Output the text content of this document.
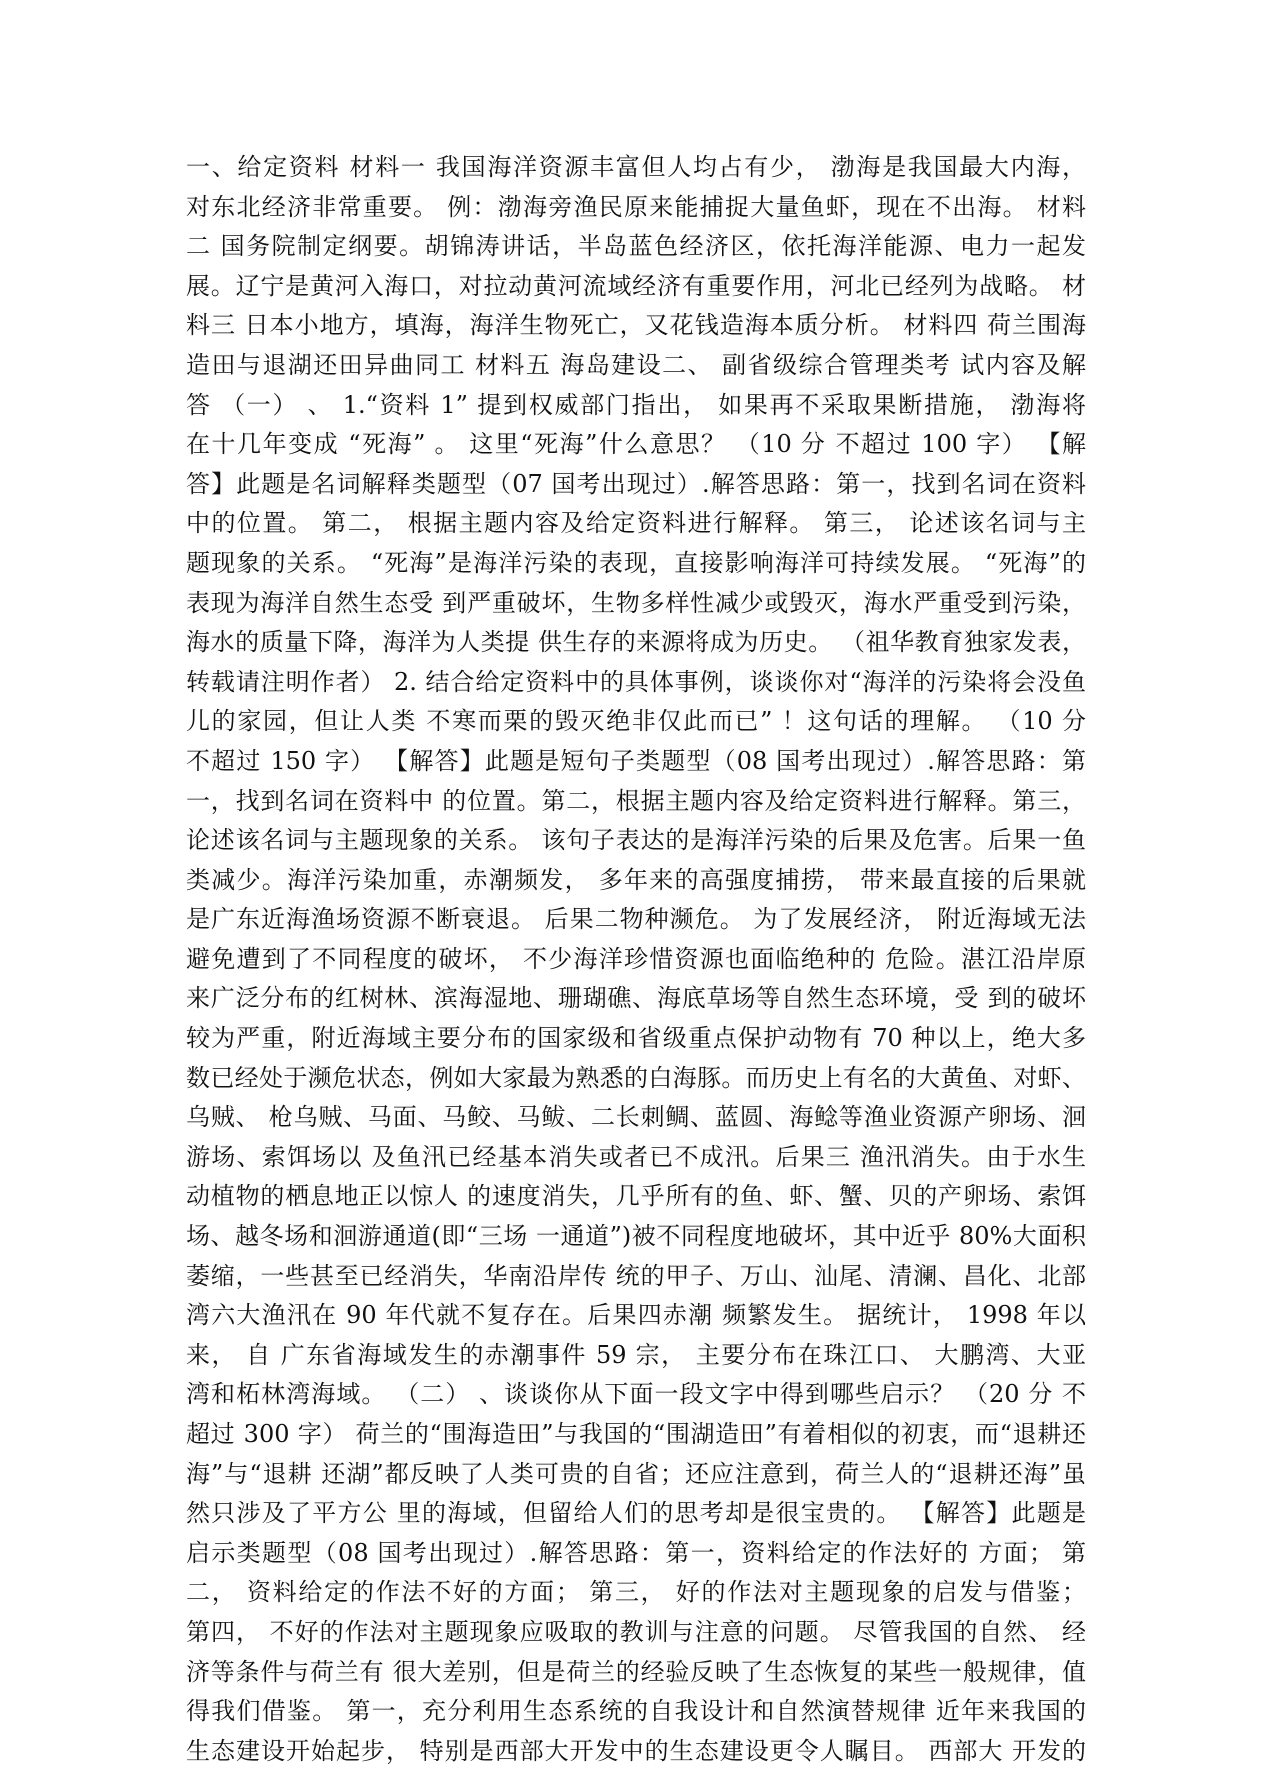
一、给定资料 材料一 我国海洋资源丰富但人均占有少， 渤海是我国最大内海，
对东北经济非常重要。 例：渤海旁渔民原来能捕捉大量鱼虾，现在不出海。 材料
二 国务院制定纲要。胡锦涛讲话，半岛蓝色经济区，依托海洋能源、电力一起发
展。辽宁是黄河入海口，对拉动黄河流域经济有重要作用，河北已经列为战略。 材
料三 日本小地方，填海，海洋生物死亡，又花钱造海本质分析。 材料四 荷兰围海
造田与退湖还田异曲同工 材料五 海岛建设二、 副省级综合管理类考 试内容及解
答 （一） 、 1.“资料 1” 提到权威部门指出， 如果再不采取果断措施， 渤海将
在十几年变成 “死海” 。 这里“死海”什么意思？ （10 分 不超过 100 字） 【解
答】此题是名词解释类题型（07 国考出现过）.解答思路：第一，找到名词在资料
中的位置。 第二， 根据主题内容及给定资料进行解释。 第三， 论述该名词与主
题现象的关系。 “死海”是海洋污染的表现，直接影响海洋可持续发展。 “死海”的
表现为海洋自然生态受 到严重破坏，生物多样性减少或毁灭，海水严重受到污染，
海水的质量下降，海洋为人类提 供生存的来源将成为历史。 （祖华教育独家发表，
转载请注明作者） 2. 结合给定资料中的具体事例，谈谈你对“海洋的污染将会没鱼
儿的家园，但让人类 不寒而栗的毁灭绝非仅此而已” ！这句话的理解。 （10 分
不超过 150 字） 【解答】此题是短句子类题型（08 国考出现过）.解答思路：第
一，找到名词在资料中 的位置。第二，根据主题内容及给定资料进行解释。第三，
论述该名词与主题现象的关系。 该句子表达的是海洋污染的后果及危害。后果一鱼
类减少。海洋污染加重，赤潮频发， 多年来的高强度捕捞， 带来最直接的后果就
是广东近海渔场资源不断衰退。 后果二物种濒危。 为了发展经济， 附近海域无法
避免遭到了不同程度的破坏， 不少海洋珍惜资源也面临绝种的 危险。湛江沿岸原
来广泛分布的红树林、滨海湿地、珊瑚礁、海底草场等自然生态环境，受 到的破坏
较为严重，附近海域主要分布的国家级和省级重点保护动物有 70 种以上，绝大多
数已经处于濒危状态，例如大家最为熟悉的白海豚。而历史上有名的大黄鱼、对虾、
乌贼、 枪乌贼、马面、马鲛、马鲅、二长刺鲷、蓝圆、海鲶等渔业资源产卵场、洄
游场、索饵场以 及鱼汛已经基本消失或者已不成汛。后果三 渔汛消失。由于水生
动植物的栖息地正以惊人 的速度消失，几乎所有的鱼、虾、蟹、贝的产卵场、索饵
场、越冬场和洄游通道(即“三场 一通道”)被不同程度地破坏，其中近乎 80%大面积
萎缩，一些甚至已经消失，华南沿岸传 统的甲子、万山、汕尾、清澜、昌化、北部
湾六大渔汛在 90 年代就不复存在。后果四赤潮 频繁发生。 据统计， 1998 年以
来， 自 广东省海域发生的赤潮事件 59 宗， 主要分布在珠江口、 大鹏湾、大亚
湾和柘林湾海域。 （二） 、谈谈你从下面一段文字中得到哪些启示？ （20 分 不
超过 300 字） 荷兰的“围海造田”与我国的“围湖造田”有着相似的初衷，而“退耕还
海”与“退耕 还湖”都反映了人类可贵的自省；还应注意到，荷兰人的“退耕还海”虽
然只涉及了平方公 里的海域，但留给人们的思考却是很宝贵的。 【解答】此题是
启示类题型（08 国考出现过）.解答思路：第一，资料给定的作法好的 方面； 第
二， 资料给定的作法不好的方面； 第三， 好的作法对主题现象的启发与借鉴；
第四， 不好的作法对主题现象应吸取的教训与注意的问题。 尽管我国的自然、 经
济等条件与荷兰有 很大差别，但是荷兰的经验反映了生态恢复的某些一般规律，值
得我们借鉴。 第一，充分利用生态系统的自我设计和自然演替规律 近年来我国的
生态建设开始起步， 特别是西部大开发中的生态建设更令人瞩目。 西部大 开发的
